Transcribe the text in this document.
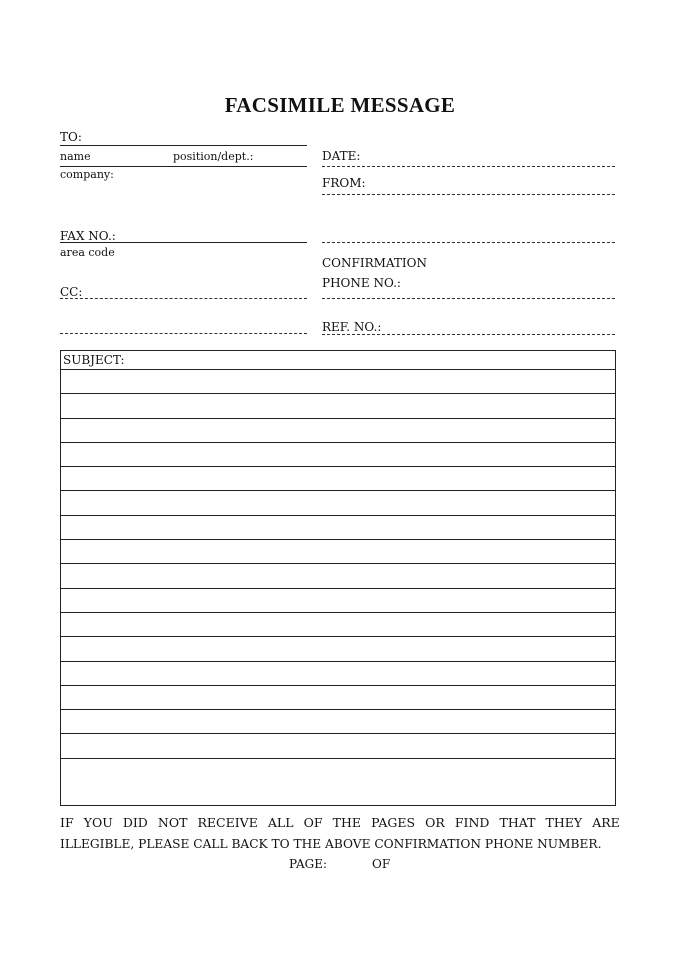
FACSIMILE MESSAGE
TO:
name	position/dept.:
company:
FAX NO.:
area code
CC:
DATE:
FROM:
CONFIRMATION
PHONE NO.:
REF. NO.:
SUBJECT:
IF YOU DID NOT RECEIVE ALL OF THE PAGES OR FIND THAT THEY ARE
ILLEGIBLE, PLEASE CALL BACK TO THE ABOVE CONFIRMATION PHONE NUMBER.
PAGE:	OF
